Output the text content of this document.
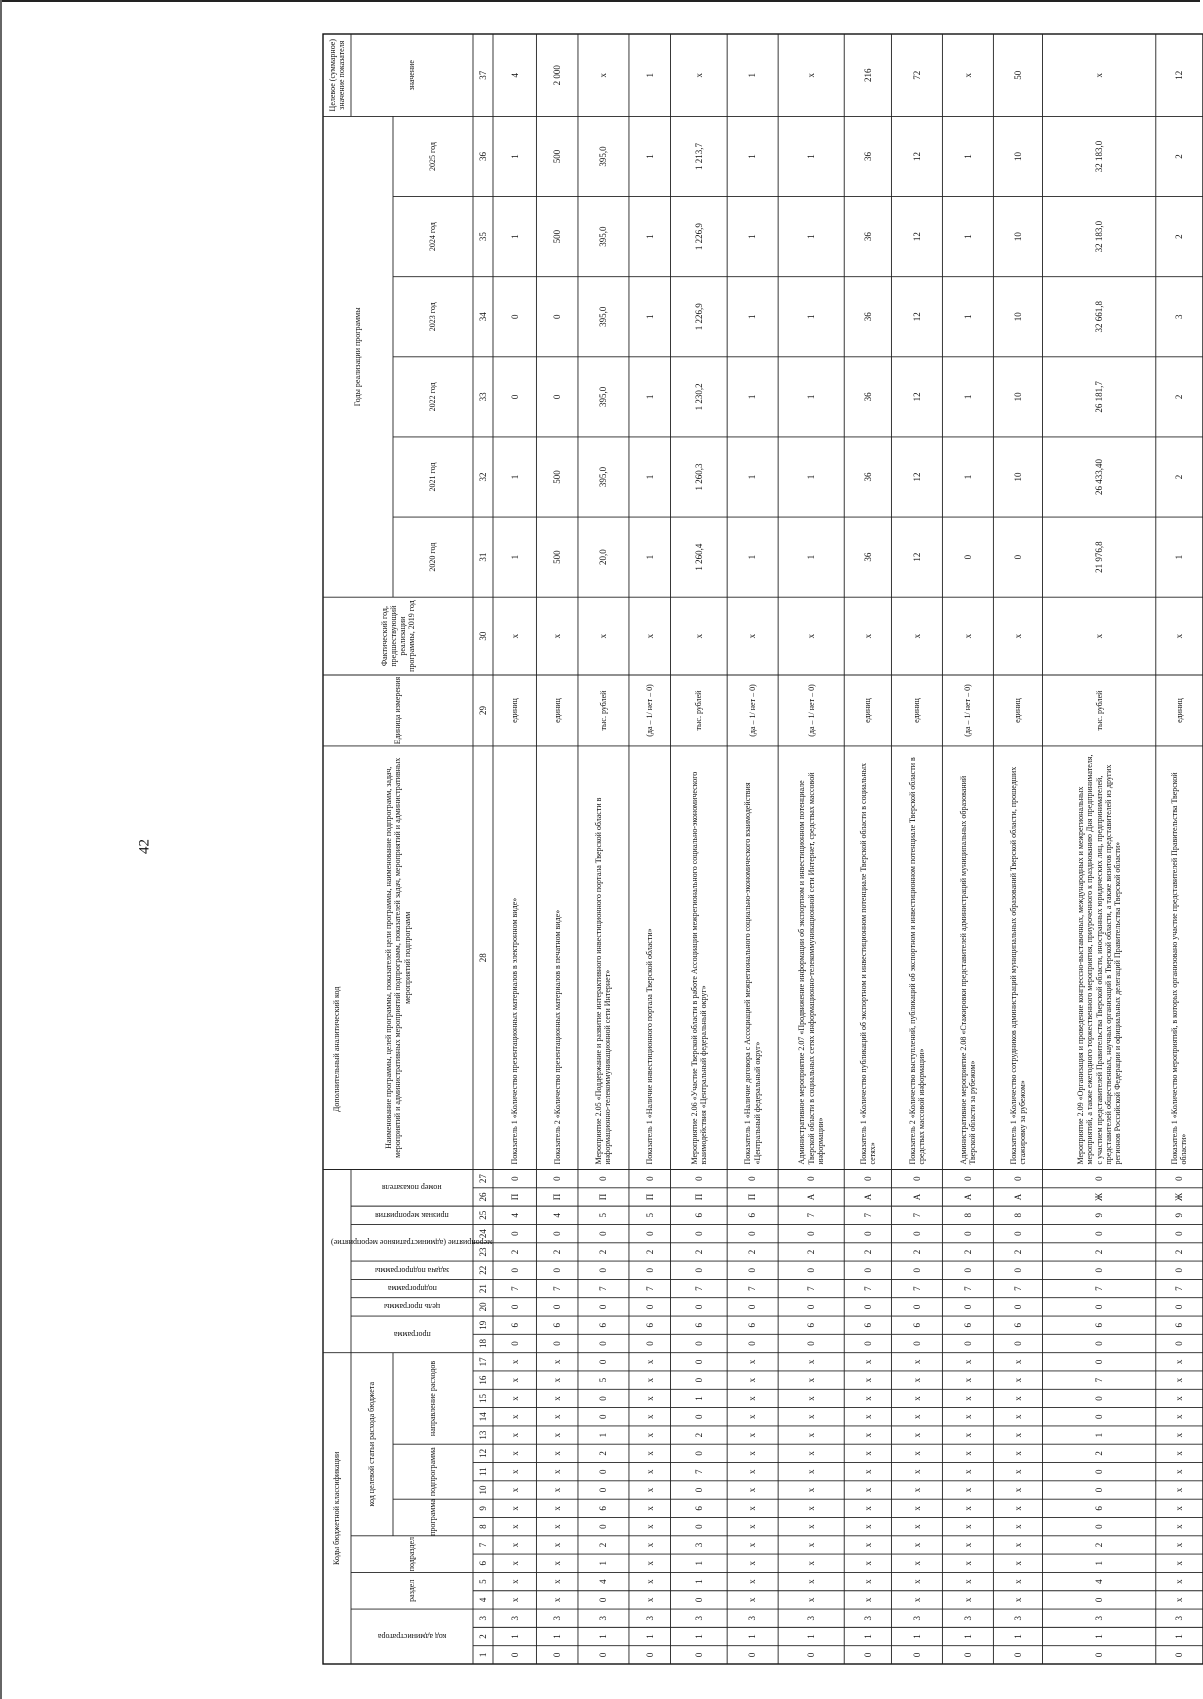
42
Коды бюджетной классификации
код администратора
раздел
подраздел
код целевой статьи расхода бюджета
программа
подпрограмма
направление расходов
Дополнительный аналитический код
программа
цель программы
подпрограмма
задача подпрограммы
мероприятие (административное мероприятие)
признак мероприятия
номер показателя
Наименование программы, целей программы, показателей цели программы, наименование подпрограмм, задач, мероприятий и административных мероприятий подпрограмм, показателей задач, мероприятий и административных мероприятий подпрограмм
Единица измерения
Фактический год, предшествующий реализации программы, 2019 год
Годы реализации программы
2020 год
2021 год
2022 год
2023 год
2024 год
2025 год
Целевое (суммарное) значение показателя	значение
1
2
3
4
5
6
7
8
9
10
11
12
13
14
15
16
17
18
19
20
21
22
23
24
25
26
27
28
29
30
31
32
33
34
35
36
37
0
1
3
х
х
х
х
х
х
х
х
х
х
х
х
х
х
0
6
0
7
0
2
0
4
П
0
Показатель 1 «Количество презентационных материалов в электронном виде»
единиц
х
1
1
0
0
1
1
4
0
1
3
х
х
х
х
х
х
х
х
х
х
х
х
х
х
0
6
0
7
0
2
0
4
П
0
Показатель 2 «Количество презентационных материалов в печатном виде»
единиц
х
500
500
0
0
500
500
2 000
0
1
3
0
4
1
2
0
6
0
0
2
1
0
0
5
0
0
6
0
7
0
2
0
5
П
0
Мероприятие 2.05 «Поддержание и развитие интерактивного инвестиционного портала Тверской области в информационно-телекоммуникационной сети Интернет»
тыс. рублей
х
20,0
395,0
395,0
395,0
395,0
395,0
х
0
1
3
х
х
х
х
х
х
х
х
х
х
х
х
х
х
0
6
0
7
0
2
0
5
П
0
Показатель 1 «Наличие инвестиционного портала Тверской области»
(да – 1/ нет – 0)
х
1
1
1
1
1
1
1
0
1
3
0
1
1
3
0
6
0
7
0
2
0
1
0
0
0
6
0
7
0
2
0
6
П
0
Мероприятие 2.06 «Участие Тверской области в работе Ассоциации межрегионального социально-экономического взаимодействия «Центральный федеральный округ»
тыс. рублей
х
1 260,4
1 260,3
1 230,2
1 226,9
1 226,9
1 213,7
х
0
1
3
х
х
х
х
х
х
х
х
х
х
х
х
х
х
0
6
0
7
0
2
0
6
П
0
Показатель 1 «Наличие договора с Ассоциацией межрегионального социально-экономического взаимодействия «Центральный федеральный округ»
(да – 1/ нет – 0)
х
1
1
1
1
1
1
1
0
1
3
х
х
х
х
х
х
х
х
х
х
х
х
х
х
0
6
0
7
0
2
0
7
А
0
Административное мероприятие 2.07 «Продвижение информации об экспортном и инвестиционном потенциале Тверской области в социальных сетях информационно-телекоммуникационной сети Интернет, средствах массовой информации»
(да – 1/ нет – 0)
х
1
1
1
1
1
1
х
0
1
3
х
х
х
х
х
х
х
х
х
х
х
х
х
х
0
6
0
7
0
2
0
7
А
0
Показатель 1 «Количество публикаций об экспортном и инвестиционном потенциале Тверской области в социальных сетях»
единиц
х
36
36
36
36
36
36
216
0
1
3
х
х
х
х
х
х
х
х
х
х
х
х
х
х
0
6
0
7
0
2
0
7
А
0
Показатель 2 «Количество выступлений, публикаций об экспортном и инвестиционном потенциале Тверской области в средствах массовой информации»
единиц
х
12
12
12
12
12
12
72
0
1
3
х
х
х
х
х
х
х
х
х
х
х
х
х
х
0
6
0
7
0
2
0
8
А
0
Административное мероприятие 2.08 «Стажировки представителей администраций муниципальных образований Тверской области за рубежом»
(да – 1/ нет – 0)
х
0
1
1
1
1
1
х
0
1
3
х
х
х
х
х
х
х
х
х
х
х
х
х
х
0
6
0
7
0
2
0
8
А
0
Показатель 1 «Количество сотрудников администраций муниципальных образований Тверской области, прошедших стажировку за рубежом»
единиц
х
0
10
10
10
10
10
50
0
1
3
0
4
1
2
0
6
0
0
2
1
0
0
7
0
0
6
0
7
0
2
0
9
Ж
0
Мероприятие 2.09 «Организация и проведение конгрессно-выставочных, международных и межрегиональных мероприятий, а также ежегодного торжественного мероприятия, приуроченного к празднованию Дня предпринимателя, с участием представителей Правительства Тверской области, иностранных юридических лиц, предпринимателей, представителей общественных, научных организаций в Тверской области, а также визитов представителей из других регионов Российской Федерации и официальных делегаций Правительства Тверской области»
тыс. рублей
х
21 976,8
26 433,40
26 181,7
32 661,8
32 183,0
32 183,0
х
0
1
3
х
х
х
х
х
х
х
х
х
х
х
х
х
х
0
6
0
7
0
2
0
9
Ж
0
Показатель 1 «Количество мероприятий, в которых организовано участие представителей Правительства Тверской области»
единиц
х
1
2
2
3
2
2
12
